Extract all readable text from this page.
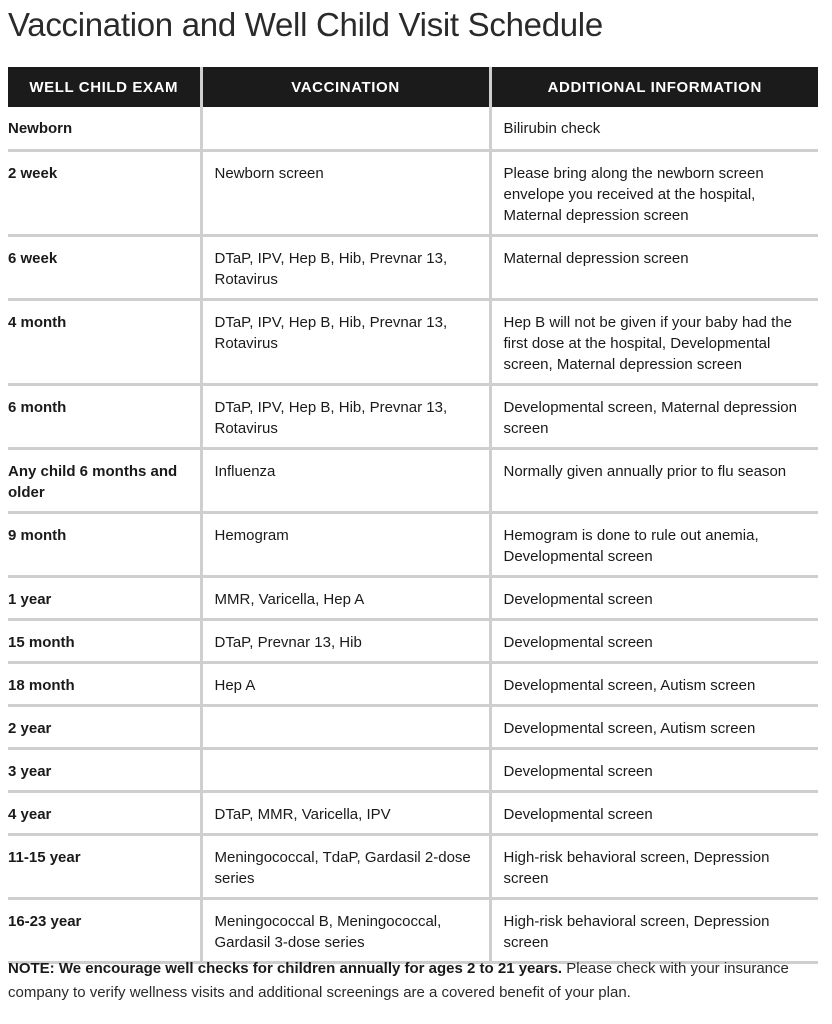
Vaccination and Well Child Visit Schedule
WELL CHILD EXAM	VACCINATION	ADDITIONAL INFORMATION
Newborn		Bilirubin check
2 week	Newborn screen	Please bring along the newborn screen envelope you received at the hospital, Maternal depression screen
6 week	DTaP, IPV, Hep B, Hib, Prevnar 13, Rotavirus	Maternal depression screen
4 month	DTaP, IPV, Hep B, Hib, Prevnar 13, Rotavirus	Hep B will not be given if your baby had the first dose at the hospital, Developmental screen, Maternal depression screen
6 month	DTaP, IPV, Hep B, Hib, Prevnar 13, Rotavirus	Developmental screen, Maternal depression screen
Any child 6 months and older	Influenza	Normally given annually prior to flu season
9 month	Hemogram	Hemogram is done to rule out anemia, Developmental screen
1 year	MMR, Varicella, Hep A	Developmental screen
15 month	DTaP, Prevnar 13, Hib	Developmental screen
18 month	Hep A	Developmental screen, Autism screen
2 year		Developmental screen, Autism screen
3 year		Developmental screen
4 year	DTaP, MMR, Varicella, IPV	Developmental screen
11-15 year	Meningococcal, TdaP, Gardasil 2-dose series	High-risk behavioral screen, Depression screen
16-23 year	Meningococcal B, Meningococcal, Gardasil 3-dose series	High-risk behavioral screen, Depression screen
NOTE: We encourage well checks for children annually for ages 2 to 21 years. Please check with your insurance company to verify wellness visits and additional screenings are a covered benefit of your plan.
